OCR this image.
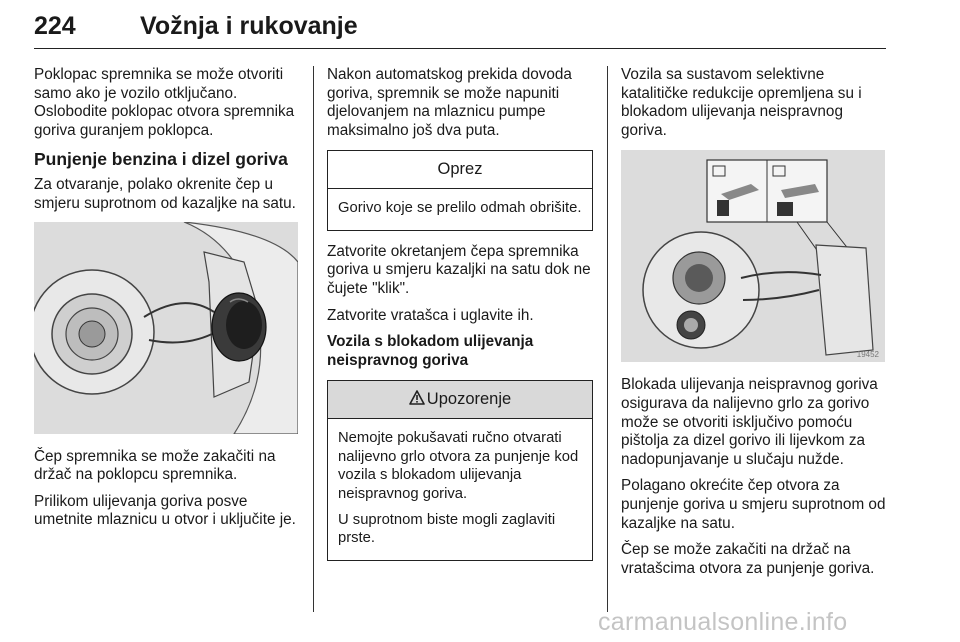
224	Vožnja i rukovanje

Poklopac spremnika se može otvoriti samo ako je vozilo otključano. Oslobodite poklopac otvora spremnika goriva guranjem poklopca.

Punjenje benzina i dizel goriva

Za otvaranje, polako okrenite čep u smjeru suprotnom od kazaljke na satu.

Čep spremnika se može zakačiti na držač na poklopcu spremnika.

Prilikom ulijevanja goriva posve umetnite mlaznicu u otvor i uključite je.

Nakon automatskog prekida dovoda goriva, spremnik se može napuniti djelovanjem na mlaznicu pumpe maksimalno još dva puta.

Oprez

Gorivo koje se prelilo odmah obrišite.

Zatvorite okretanjem čepa spremnika goriva u smjeru kazaljki na satu dok ne čujete "klik".

Zatvorite vratašca i uglavite ih.

Vozila s blokadom ulijevanja neispravnog goriva
Upozorenje

Nemojte pokušavati ručno otvarati nalijevno grlo otvora za punjenje kod vozila s blokadom ulijevanja neispravnog goriva.

U suprotnom biste mogli zaglaviti prste.

Vozila sa sustavom selektivne katalitičke redukcije opremljena su i blokadom ulijevanja neispravnog goriva.

19452

Blokada ulijevanja neispravnog goriva osigurava da nalijevno grlo za gorivo može se otvoriti isključivo pomoću pištolja za dizel gorivo ili lijevkom za nadopunjavanje u slučaju nužde.

Polagano okrećite čep otvora za punjenje goriva u smjeru suprotnom od kazaljke na satu.

Čep se može zakačiti na držač na vratašcima otvora za punjenje goriva.

carmanualsonline.info
